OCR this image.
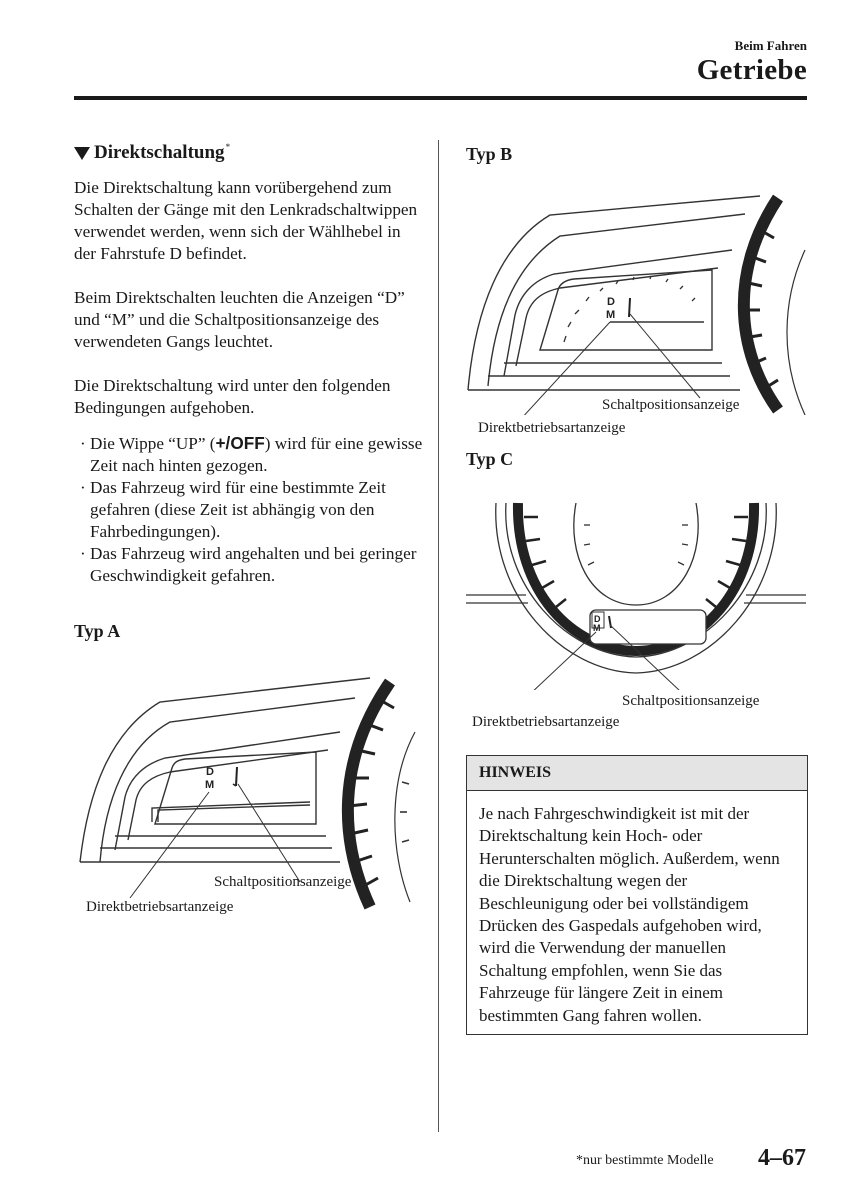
Beim Fahren
Getriebe
Direktschaltung*

Die Direktschaltung kann vorübergehend zum Schalten der Gänge mit den Lenkradschaltwippen verwendet werden, wenn sich der Wählhebel in der Fahrstufe D befindet.

Beim Direktschalten leuchten die Anzeigen “D” und “M” und die Schaltpositionsanzeige des verwendeten Gangs leuchtet.

Die Direktschaltung wird unter den folgenden Bedingungen aufgehoben.

· Die Wippe “UP” (+/OFF) wird für eine gewisse Zeit nach hinten gezogen.
· Das Fahrzeug wird für eine bestimmte Zeit gefahren (diese Zeit ist abhängig von den Fahrbedingungen).
· Das Fahrzeug wird angehalten und bei geringer Geschwindigkeit gefahren.
Typ A
D
M
Schaltpositionsanzeige
Direktbetriebsartanzeige
Typ B
D
M
Schaltpositionsanzeige
Direktbetriebsartanzeige
Typ C
D
M
Schaltpositionsanzeige
Direktbetriebsartanzeige
HINWEIS
Je nach Fahrgeschwindigkeit ist mit der Direktschaltung kein Hoch- oder Herunterschalten möglich. Außerdem, wenn die Direktschaltung wegen der Beschleunigung oder bei vollständigem Drücken des Gaspedals aufgehoben wird, wird die Verwendung der manuellen Schaltung empfohlen, wenn Sie das Fahrzeuge für längere Zeit in einem bestimmten Gang fahren wollen.
*nur bestimmte Modelle 4–67
